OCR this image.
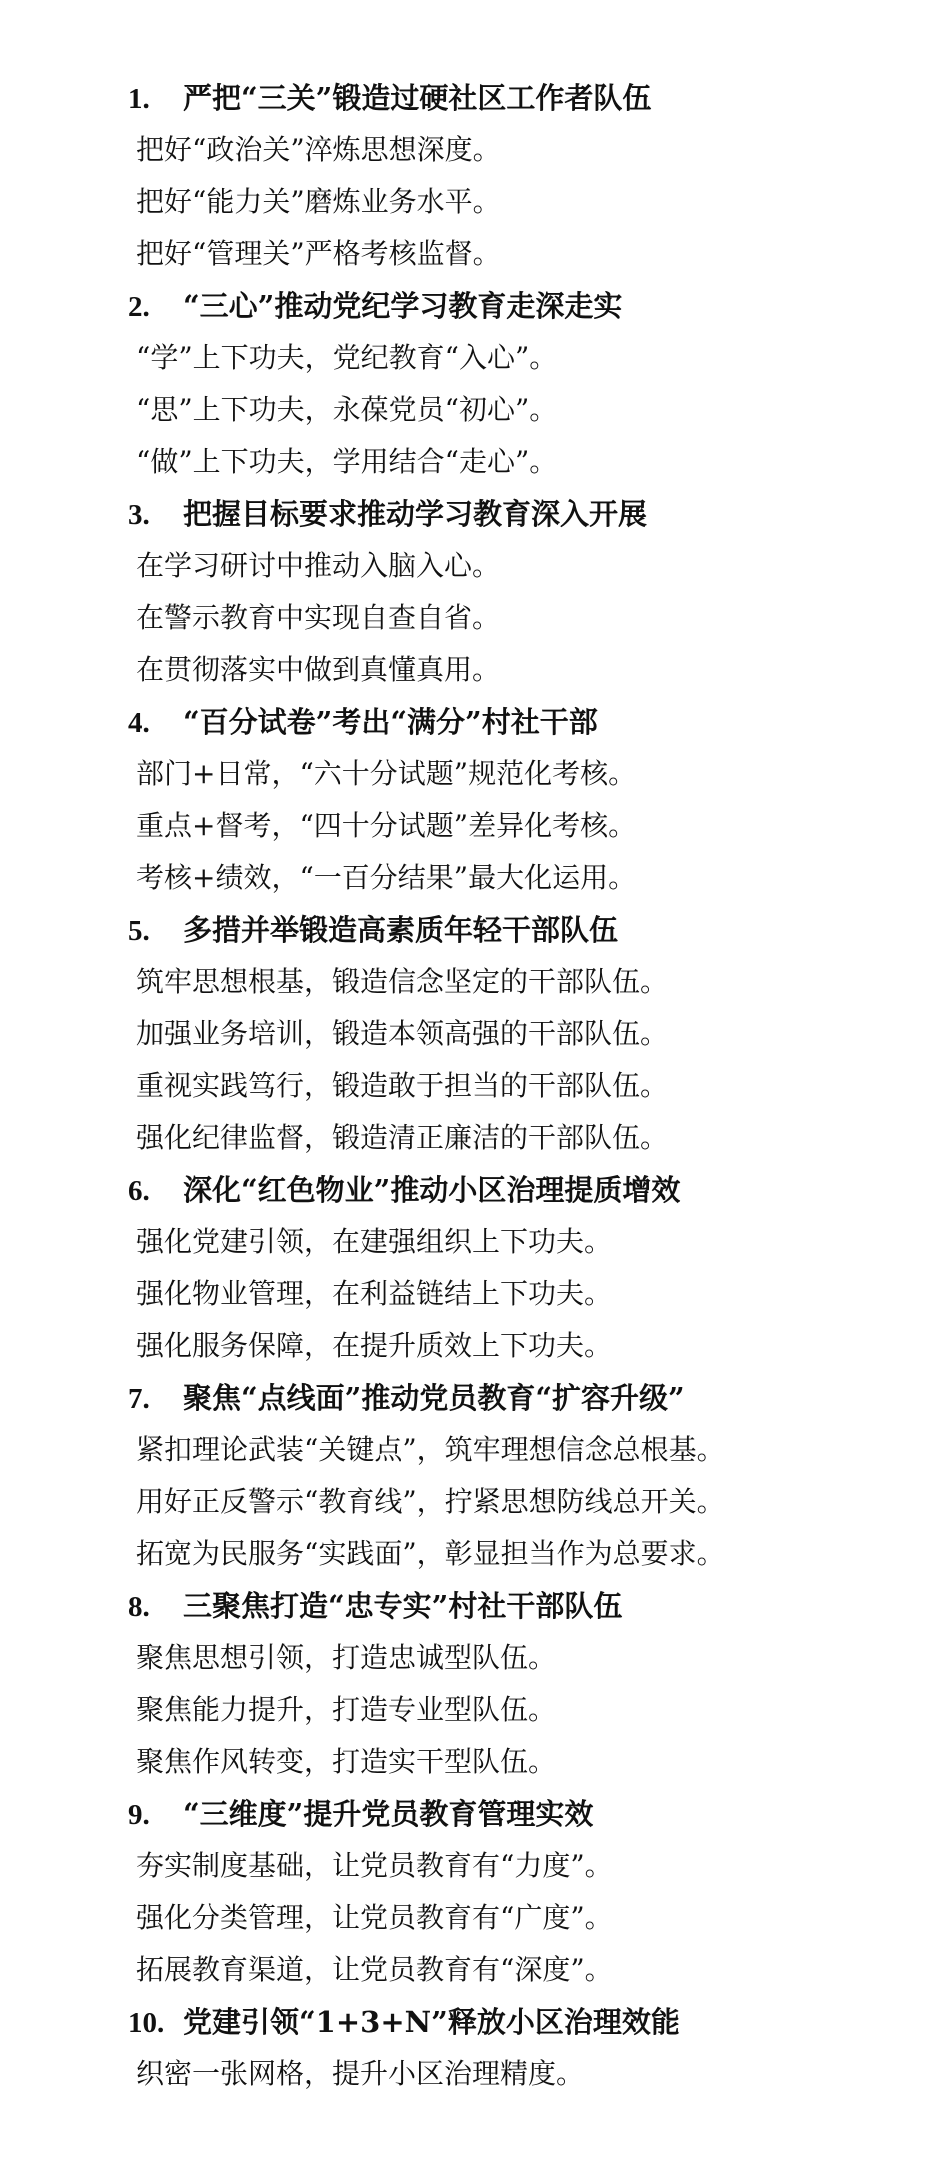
1.	严把“三关”锻造过硬社区工作者队伍
把好“政治关”淬炼思想深度。
把好“能力关”磨炼业务水平。
把好“管理关”严格考核监督。
2.	“三心”推动党纪学习教育走深走实
“学”上下功夫，党纪教育“入心”。
“思”上下功夫，永葆党员“初心”。
“做”上下功夫，学用结合“走心”。
3.	把握目标要求推动学习教育深入开展
在学习研讨中推动入脑入心。
在警示教育中实现自查自省。
在贯彻落实中做到真懂真用。
4.	“百分试卷”考出“满分”村社干部
部门+日常，“六十分试题”规范化考核。
重点+督考，“四十分试题”差异化考核。
考核+绩效，“一百分结果”最大化运用。
5.	多措并举锻造高素质年轻干部队伍
筑牢思想根基，锻造信念坚定的干部队伍。
加强业务培训，锻造本领高强的干部队伍。
重视实践笃行，锻造敢于担当的干部队伍。
强化纪律监督，锻造清正廉洁的干部队伍。
6.	深化“红色物业”推动小区治理提质增效
强化党建引领，在建强组织上下功夫。
强化物业管理，在利益链结上下功夫。
强化服务保障，在提升质效上下功夫。
7.	聚焦“点线面”推动党员教育“扩容升级”
紧扣理论武装“关键点”，筑牢理想信念总根基。
用好正反警示“教育线”，拧紧思想防线总开关。
拓宽为民服务“实践面”，彰显担当作为总要求。
8.	三聚焦打造“忠专实”村社干部队伍
聚焦思想引领，打造忠诚型队伍。
聚焦能力提升，打造专业型队伍。
聚焦作风转变，打造实干型队伍。
9.	“三维度”提升党员教育管理实效
夯实制度基础，让党员教育有“力度”。
强化分类管理，让党员教育有“广度”。
拓展教育渠道，让党员教育有“深度”。
10. 党建引领“1+3+N”释放小区治理效能
织密一张网格，提升小区治理精度。
